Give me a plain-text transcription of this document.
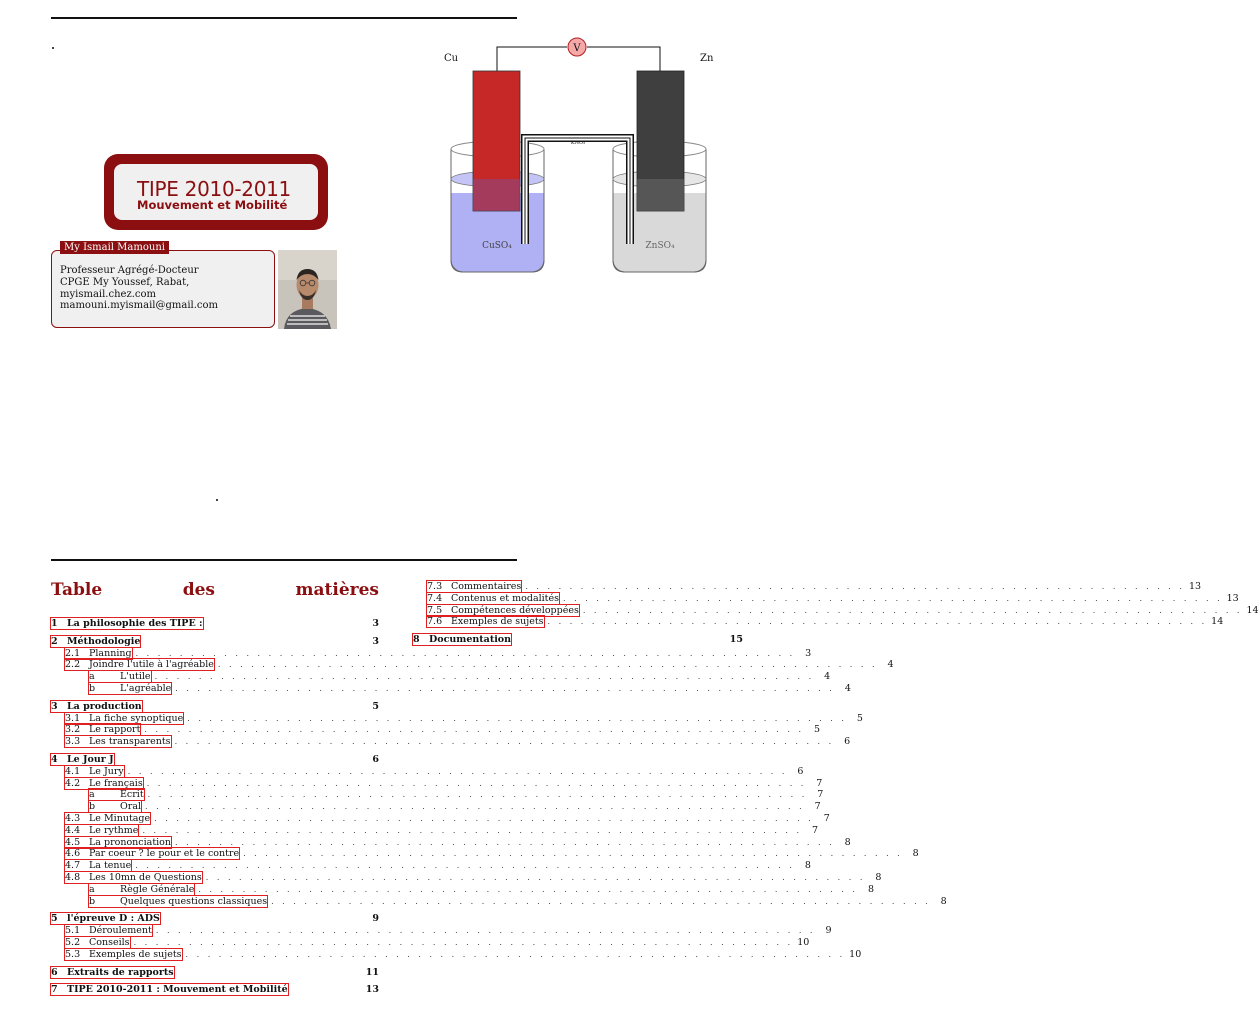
TIPE 2010-2011
Mouvement et Mobilité
My Ismail Mamouni
Professeur Agrégé-Docteur
CPGE My Youssef, Rabat,
myismail.chez.com
mamouni.myismail@gmail.com
V
Cu	Zn
KNO₃
CuSO₄	ZnSO₄
Table	des	matières
1 La philosophie des TIPE :	3
2 Méthodologie	3
2.1 Planning . . . . . . . . . . . . . . . . . . . . . . . . . . . . . . . . . . . . . . . . . . . . . . . . . . . . . . . . . . . .	3
2.2 Joindre l'utile à l'agréable . . . . . . . . . . . . . . . . . . . . . . . . . . . . . . . . . . . . . . . . . . . . . . . . . . . . . . . . . . . .	4
a	L'utile . . . . . . . . . . . . . . . . . . . . . . . . . . . . . . . . . . . . . . . . . . . . . . . . . . . . . . . . . . . .	4
b	L'agréable . . . . . . . . . . . . . . . . . . . . . . . . . . . . . . . . . . . . . . . . . . . . . . . . . . . . . . . . . . . .	4
3 La production	5
3.1 La fiche synoptique . . . . . . . . . . . . . . . . . . . . . . . . . . . . . . . . . . . . . . . . . . . . . . . . . . . . . . . . . . . .	5
3.2 Le rapport . . . . . . . . . . . . . . . . . . . . . . . . . . . . . . . . . . . . . . . . . . . . . . . . . . . . . . . . . . . .	5
3.3 Les transparents . . . . . . . . . . . . . . . . . . . . . . . . . . . . . . . . . . . . . . . . . . . . . . . . . . . . . . . . . . . .	6
4 Le Jour J	6
4.1 Le Jury . . . . . . . . . . . . . . . . . . . . . . . . . . . . . . . . . . . . . . . . . . . . . . . . . . . . . . . . . . . .	6
4.2 Le français . . . . . . . . . . . . . . . . . . . . . . . . . . . . . . . . . . . . . . . . . . . . . . . . . . . . . . . . . . . .	7
a	Écrit . . . . . . . . . . . . . . . . . . . . . . . . . . . . . . . . . . . . . . . . . . . . . . . . . . . . . . . . . . . .	7
b	Oral . . . . . . . . . . . . . . . . . . . . . . . . . . . . . . . . . . . . . . . . . . . . . . . . . . . . . . . . . . . .	7
4.3 Le Minutage . . . . . . . . . . . . . . . . . . . . . . . . . . . . . . . . . . . . . . . . . . . . . . . . . . . . . . . . . . . .	7
4.4 Le rythme . . . . . . . . . . . . . . . . . . . . . . . . . . . . . . . . . . . . . . . . . . . . . . . . . . . . . . . . . . . .	7
4.5 La prononciation . . . . . . . . . . . . . . . . . . . . . . . . . . . . . . . . . . . . . . . . . . . . . . . . . . . . . . . . . . . .	8
4.6 Par coeur ? le pour et le contre . . . . . . . . . . . . . . . . . . . . . . . . . . . . . . . . . . . . . . . . . . . . . . . . . . . . . . . . . . . .	8
4.7 La tenue . . . . . . . . . . . . . . . . . . . . . . . . . . . . . . . . . . . . . . . . . . . . . . . . . . . . . . . . . . . .	8
4.8 Les 10mn de Questions . . . . . . . . . . . . . . . . . . . . . . . . . . . . . . . . . . . . . . . . . . . . . . . . . . . . . . . . . . . .	8
a	Règle Générale . . . . . . . . . . . . . . . . . . . . . . . . . . . . . . . . . . . . . . . . . . . . . . . . . . . . . . . . . . . .	8
b	Quelques questions classiques . . . . . . . . . . . . . . . . . . . . . . . . . . . . . . . . . . . . . . . . . . . . . . . . . . . . . . . . . . . .	8
5 l'épreuve D : ADS	9
5.1 Déroulement . . . . . . . . . . . . . . . . . . . . . . . . . . . . . . . . . . . . . . . . . . . . . . . . . . . . . . . . . . . .	9
5.2 Conseils . . . . . . . . . . . . . . . . . . . . . . . . . . . . . . . . . . . . . . . . . . . . . . . . . . . . . . . . . . . . 10
5.3 Exemples de sujets . . . . . . . . . . . . . . . . . . . . . . . . . . . . . . . . . . . . . . . . . . . . . . . . . . . . . . . . . . . . 10
6 Extraits de rapports	11
7 TIPE 2010-2011 : Mouvement et Mobilité	13
7.3 Commentaires . . . . . . . . . . . . . . . . . . . . . . . . . . . . . . . . . . . . . . . . . . . . . . . . . . . . . . . . . . . . 13
7.4 Contenus et modalités . . . . . . . . . . . . . . . . . . . . . . . . . . . . . . . . . . . . . . . . . . . . . . . . . . . . . . . . . . . . 13
7.5 Compétences développées . . . . . . . . . . . . . . . . . . . . . . . . . . . . . . . . . . . . . . . . . . . . . . . . . . . . . . . . . . . . 14
7.6 Exemples de sujets . . . . . . . . . . . . . . . . . . . . . . . . . . . . . . . . . . . . . . . . . . . . . . . . . . . . . . . . . . . . 14
8 Documentation	15
